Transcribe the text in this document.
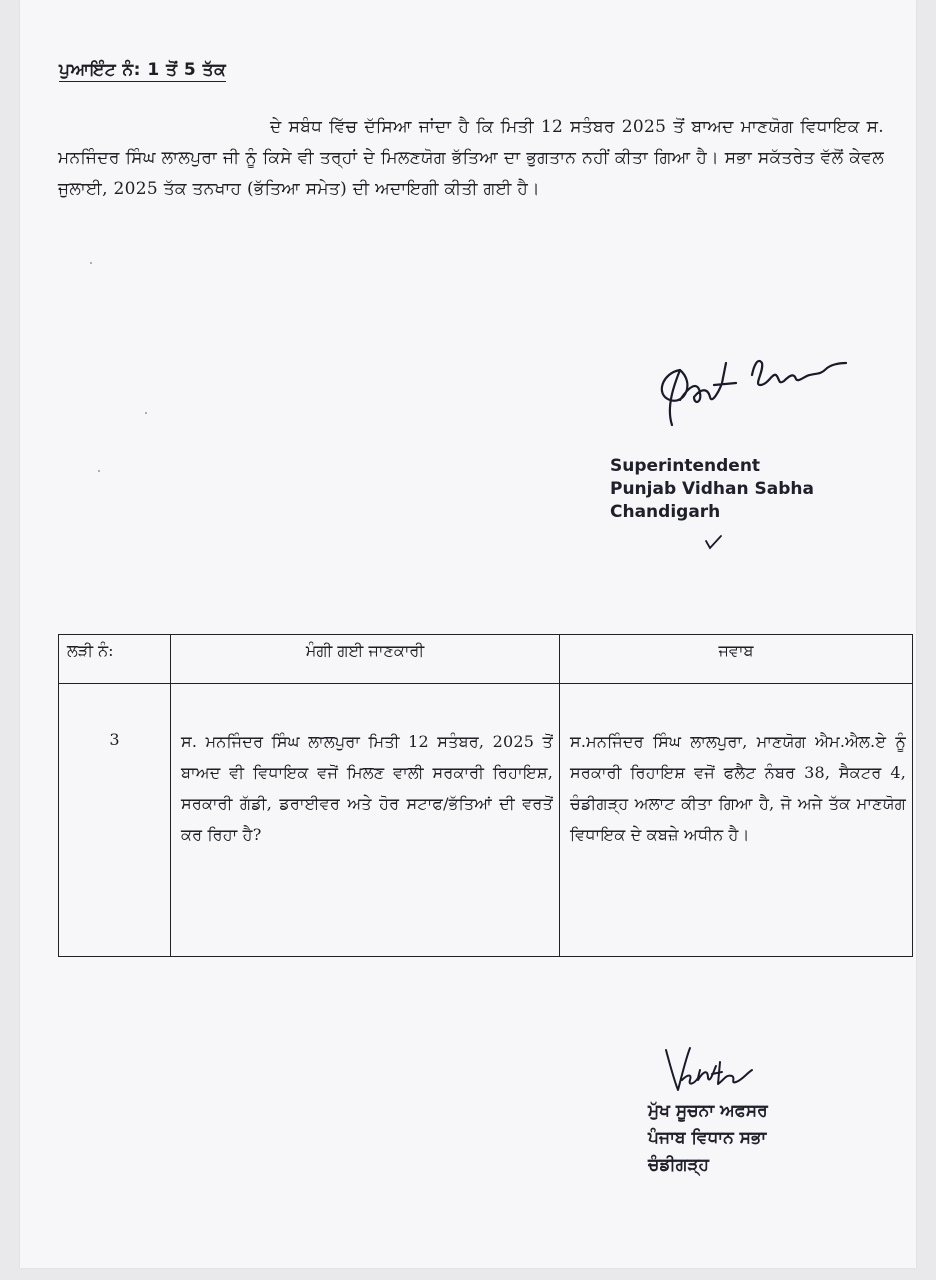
ਪੁਆਇੰਟ ਨੰ: 1 ਤੋਂ 5 ਤੱਕ
ਦੇ ਸਬੰਧ ਵਿੱਚ ਦੱਸਿਆ ਜਾਂਦਾ ਹੈ ਕਿ ਮਿਤੀ 12 ਸਤੰਬਰ 2025 ਤੋਂ ਬਾਅਦ ਮਾਣਯੋਗ ਵਿਧਾਇਕ ਸ. ਮਨਜਿੰਦਰ ਸਿੰਘ ਲਾਲਪੁਰਾ ਜੀ ਨੂੰ ਕਿਸੇ ਵੀ ਤਰ੍ਹਾਂ ਦੇ ਮਿਲਣਯੋਗ ਭੱਤਿਆ ਦਾ ਭੁਗਤਾਨ ਨਹੀਂ ਕੀਤਾ ਗਿਆ ਹੈ। ਸਭਾ ਸਕੱਤਰੇਤ ਵੱਲੋਂ ਕੇਵਲ ਜੁਲਾਈ, 2025 ਤੱਕ ਤਨਖਾਹ (ਭੱਤਿਆ ਸਮੇਤ) ਦੀ ਅਦਾਇਗੀ ਕੀਤੀ ਗਈ ਹੈ।
Superintendent
Punjab Vidhan Sabha
Chandigarh
ਲੜੀ ਨੰ:	ਮੰਗੀ ਗਈ ਜਾਣਕਾਰੀ	ਜਵਾਬ
3	ਸ. ਮਨਜਿੰਦਰ ਸਿੰਘ ਲਾਲਪੁਰਾ ਮਿਤੀ 12 ਸਤੰਬਰ, 2025 ਤੋਂ ਬਾਅਦ ਵੀ ਵਿਧਾਇਕ ਵਜੋਂ ਮਿਲਣ ਵਾਲੀ ਸਰਕਾਰੀ ਰਿਹਾਇਸ਼, ਸਰਕਾਰੀ ਗੱਡੀ, ਡਰਾਈਵਰ ਅਤੇ ਹੋਰ ਸਟਾਫ/ਭੱਤਿਆਂ ਦੀ ਵਰਤੋਂ ਕਰ ਰਿਹਾ ਹੈ?	ਸ.ਮਨਜਿੰਦਰ ਸਿੰਘ ਲਾਲਪੁਰਾ, ਮਾਣਯੋਗ ਐਮ.ਐਲ.ਏ ਨੂੰ ਸਰਕਾਰੀ ਰਿਹਾਇਸ਼ ਵਜੋਂ ਫਲੈਟ ਨੰਬਰ 38, ਸੈਕਟਰ 4, ਚੰਡੀਗੜ੍ਹ ਅਲਾਟ ਕੀਤਾ ਗਿਆ ਹੈ, ਜੋ ਅਜੇ ਤੱਕ ਮਾਣਯੋਗ ਵਿਧਾਇਕ ਦੇ ਕਬਜ਼ੇ ਅਧੀਨ ਹੈ।
ਮੁੱਖ ਸੂਚਨਾ ਅਫਸਰ
ਪੰਜਾਬ ਵਿਧਾਨ ਸਭਾ
ਚੰਡੀਗੜ੍ਹ
